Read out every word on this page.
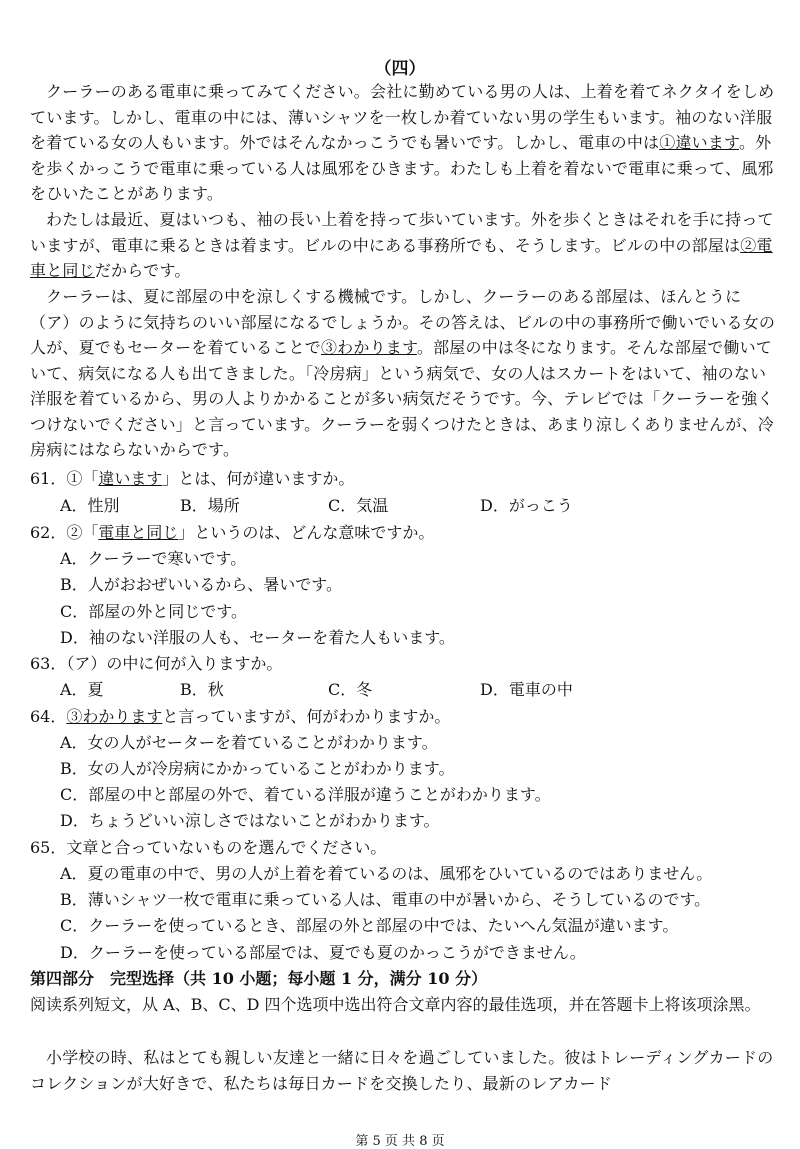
（四）
クーラーのある電車に乗ってみてください。会社に勤めている男の人は、上着を着てネクタイをしめています。しかし、電車の中には、薄いシャツを一枚しか着ていない男の学生もいます。袖のない洋服を着ている女の人もいます。外ではそんなかっこうでも暑いです。しかし、電車の中は①違います。外を歩くかっこうで電車に乗っている人は風邪をひきます。わたしも上着を着ないで電車に乗って、風邪をひいたことがあります。
わたしは最近、夏はいつも、袖の長い上着を持って歩いています。外を歩くときはそれを手に持っていますが、電車に乗るときは着ます。ビルの中にある事務所でも、そうします。ビルの中の部屋は②電車と同じだからです。
クーラーは、夏に部屋の中を涼しくする機械です。しかし、クーラーのある部屋は、ほんとうに（ア）のように気持ちのいい部屋になるでしょうか。その答えは、ビルの中の事務所で働いでいる女の人が、夏でもセーターを着ていることで③わかります。部屋の中は冬になります。そんな部屋で働いていて、病気になる人も出てきました。「冷房病」という病気で、女の人はスカートをはいて、袖のない洋服を着ているから、男の人よりかかることが多い病気だそうです。今、テレビでは「クーラーを強くつけないでください」と言っています。クーラーを弱くつけたときは、あまり涼しくありませんが、冷房病にはならないからです。
61．①「違います」とは、何が違いますか。
A．性別	B．場所	C．気温	D．がっこう
62．②「電車と同じ」というのは、どんな意味ですか。
A．クーラーで寒いです。
B．人がおおぜいいるから、暑いです。
C．部屋の外と同じです。
D．袖のない洋服の人も、セーターを着た人もいます。
63．（ア）の中に何が入りますか。
A．夏	B．秋	C．冬	D．電車の中
64．③わかりますと言っていますが、何がわかりますか。
A．女の人がセーターを着ていることがわかります。
B．女の人が冷房病にかかっていることがわかります。
C．部屋の中と部屋の外で、着ている洋服が違うことがわかります。
D．ちょうどいい涼しさではないことがわかります。
65．文章と合っていないものを選んでください。
A．夏の電車の中で、男の人が上着を着ているのは、風邪をひいているのではありません。
B．薄いシャツ一枚で電車に乗っている人は、電車の中が暑いから、そうしているのです。
C．クーラーを使っているとき、部屋の外と部屋の中では、たいへん気温が違います。
D．クーラーを使っている部屋では、夏でも夏のかっこうができません。
第四部分　完型选择（共 10 小题；每小题 1 分，满分 10 分）
阅读系列短文，从 A、B、C、D 四个选项中选出符合文章内容的最佳选项，并在答题卡上将该项涂黑。
小学校の時、私はとても親しい友達と一緒に日々を過ごしていました。彼はトレーディングカードのコレクションが大好きで、私たちは毎日カードを交換したり、最新のレアカード
第 5 页 共 8 页
